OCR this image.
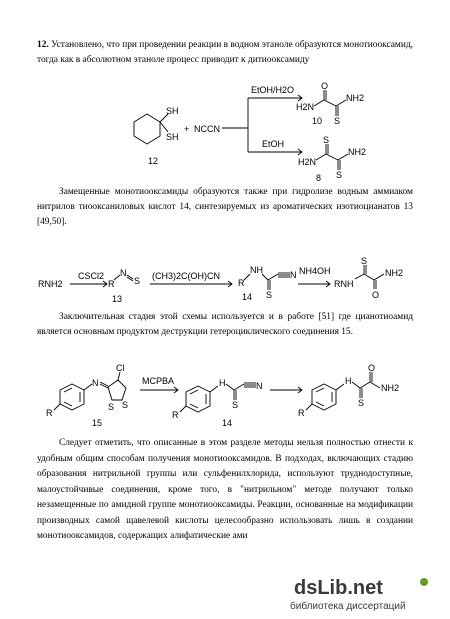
12. Установлено, что при проведении реакции в водном этаноле образуются монотиооксамид, тогда как в абсолютном этаноле процесс приводит к дитиооксамиду
SH
SH
+ NCCN
EtOH/H2O
EtOH
O
H2N
NH2
S
S
H2N
NH2
S
12
10
8
Замещенные монотиооксамиды образуются также при гидролизе водным аммиаком нитрилов тиооксаниловых кислот 14, синтезируемых из ароматических изотиоцианатов 13 [49,50].
RNH2
CSCl2
R
N
S
13
(CH3)2C(OH)CN
R
NH	N
S
14
NH4OH
RNH
S
NH2
O
Заключительная стадия этой схемы используется и в работе [51] где цианотиоамид является основным продуктом деструкции гетероциклического соединения 15.
N
Cl
S S
R
15
MCPBA
R
N
S
H
14
R
H
NH2
S
O
Следует отметить, что описанные в этом разделе методы нельзя полностью отнести к удобным общим способам получения монотиооксамидов. В подходах, включающих стадию образования нитрильной группы или сульфенилхлорида, используют труднодоступные, малоустойчивые соединения, кроме того, в "нитрильном" методе получают только незамещенные по амидной группе монотиооксамиды. Реакции, основанные на модификации производных самой щавелевой кислоты целесообразно использовать лишь в создании монотиооксамидов, содержащих алифатические ами
dsLib.net
библиотека диссертаций
